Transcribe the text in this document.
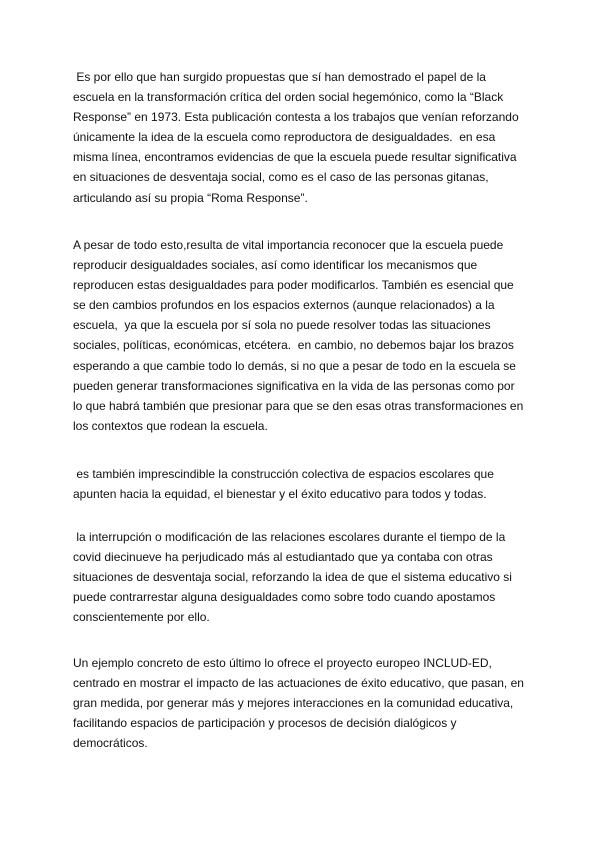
Es por ello que han surgido propuestas que sí han demostrado el papel de la
escuela en la transformación crítica del orden social hegemónico, como la “Black
Response” en 1973. Esta publicación contesta a los trabajos que venían reforzando
únicamente la idea de la escuela como reproductora de desigualdades.  en esa
misma línea, encontramos evidencias de que la escuela puede resultar significativa
en situaciones de desventaja social, como es el caso de las personas gitanas,
articulando así su propia “Roma Response”.

A pesar de todo esto,resulta de vital importancia reconocer que la escuela puede
reproducir desigualdades sociales, así como identificar los mecanismos que
reproducen estas desigualdades para poder modificarlos. También es esencial que
se den cambios profundos en los espacios externos (aunque relacionados) a la
escuela,  ya que la escuela por sí sola no puede resolver todas las situaciones
sociales, políticas, económicas, etcétera.  en cambio, no debemos bajar los brazos
esperando a que cambie todo lo demás, si no que a pesar de todo en la escuela se
pueden generar transformaciones significativa en la vida de las personas como por
lo que habrá también que presionar para que se den esas otras transformaciones en
los contextos que rodean la escuela.

es también imprescindible la construcción colectiva de espacios escolares que
apunten hacia la equidad, el bienestar y el éxito educativo para todos y todas.

la interrupción o modificación de las relaciones escolares durante el tiempo de la
covid diecinueve ha perjudicado más al estudiantado que ya contaba con otras
situaciones de desventaja social, reforzando la idea de que el sistema educativo si
puede contrarrestar alguna desigualdades como sobre todo cuando apostamos
conscientemente por ello.

Un ejemplo concreto de esto último lo ofrece el proyecto europeo INCLUD-ED,
centrado en mostrar el impacto de las actuaciones de éxito educativo, que pasan, en
gran medida, por generar más y mejores interacciones en la comunidad educativa,
facilitando espacios de participación y procesos de decisión dialógicos y
democráticos.
